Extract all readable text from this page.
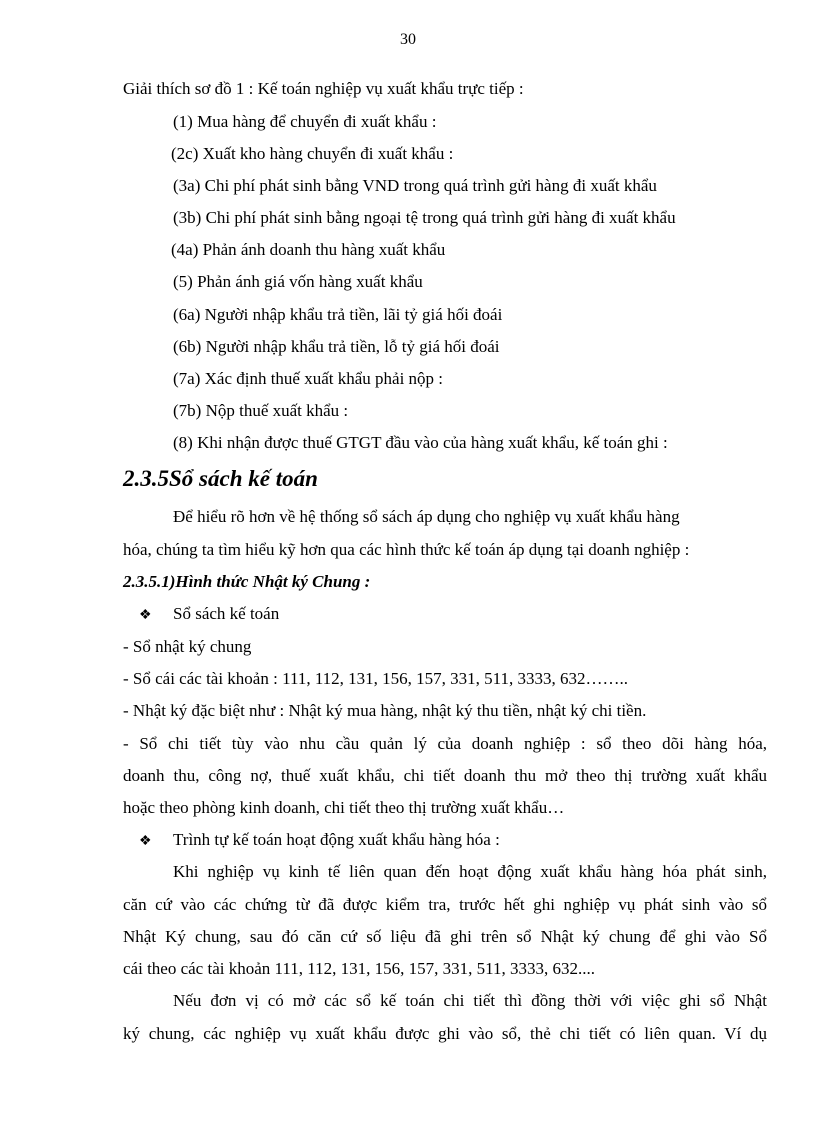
30
Giải thích sơ đồ 1 : Kế toán nghiệp vụ xuất khẩu trực tiếp :
(1) Mua hàng để chuyển đi xuất khẩu :
(2c) Xuất kho hàng chuyển đi xuất khẩu :
(3a) Chi phí phát sinh bằng VND trong quá trình gửi hàng đi xuất khẩu
(3b) Chi phí phát sinh bằng ngoại tệ trong quá trình gửi hàng đi xuất khẩu
(4a) Phản ánh doanh thu hàng xuất khẩu
(5) Phản ánh giá vốn hàng xuất khẩu
(6a) Người nhập khẩu trả tiền, lãi tỷ giá hối đoái
(6b) Người nhập khẩu trả tiền, lỗ tỷ giá hối đoái
(7a) Xác định thuế xuất khẩu phải nộp :
(7b) Nộp thuế xuất khẩu :
(8) Khi nhận được thuế GTGT đầu vào của hàng xuất khẩu, kế toán ghi :
2.3.5Sổ sách kế toán
Để hiểu rõ hơn về hệ thống sổ sách áp dụng cho nghiệp vụ xuất khẩu hàng
hóa, chúng ta tìm hiểu kỹ hơn qua các hình thức kế toán áp dụng tại doanh nghiệp :
2.3.5.1)Hình thức Nhật ký Chung :
❖ Sổ sách kế toán
- Sổ nhật ký chung
- Sổ cái các tài khoản : 111, 112, 131, 156, 157, 331, 511, 3333, 632……..
- Nhật ký đặc biệt như : Nhật ký mua hàng, nhật ký thu tiền, nhật ký chi tiền.
- Sổ chi tiết tùy vào nhu cầu quản lý của doanh nghiệp : sổ theo dõi hàng hóa,
doanh thu, công nợ, thuế xuất khẩu, chi tiết doanh thu mở theo thị trường xuất khẩu
hoặc theo phòng kinh doanh, chi tiết theo thị trường xuất khẩu…
❖ Trình tự kế toán hoạt động xuất khẩu hàng hóa :
Khi nghiệp vụ kinh tế liên quan đến hoạt động xuất khẩu hàng hóa phát sinh,
căn cứ vào các chứng từ đã được kiểm tra, trước hết ghi nghiệp vụ phát sinh vào sổ
Nhật Ký chung, sau đó căn cứ số liệu đã ghi trên sổ Nhật ký chung để ghi vào Sổ
cái theo các tài khoản 111, 112, 131, 156, 157, 331, 511, 3333, 632....
Nếu đơn vị có mở các sổ kế toán chi tiết thì đồng thời với việc ghi sổ Nhật
ký chung, các nghiệp vụ xuất khẩu được ghi vào sổ, thẻ chi tiết có liên quan. Ví dụ
